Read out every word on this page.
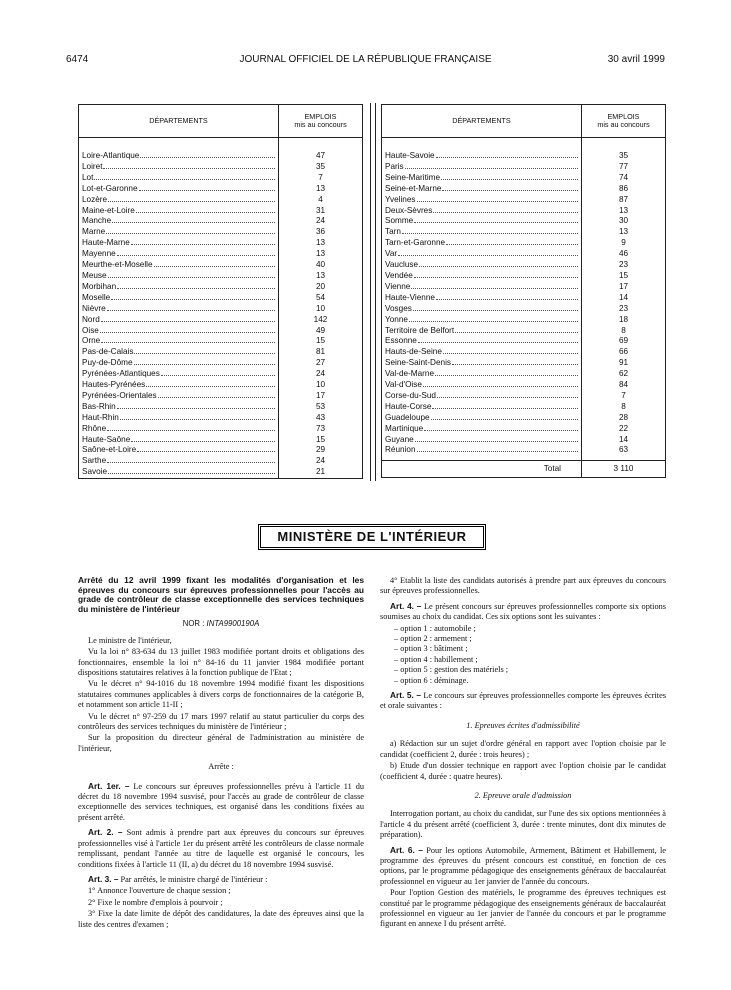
6474	JOURNAL OFFICIEL DE LA RÉPUBLIQUE FRANÇAISE	30 avril 1999
DÉPARTEMENTS	EMPLOIS
mis au concours

Loire-Atlantique	47

Loiret	35

Lot	7

Lot-et-Garonne	13

Lozère	4

Maine-et-Loire	31

Manche	24

Marne	36

Haute-Marne	13

Mayenne	13

Meurthe-et-Moselle	40

Meuse	13

Morbihan	20

Moselle	54

Nièvre	10

Nord	142

Oise	49

Orne	15

Pas-de-Calais	81

Puy-de-Dôme	27

Pyrénées-Atlantiques	24

Hautes-Pyrénées	10

Pyrénées-Orientales	17

Bas-Rhin	53

Haut-Rhin	43

Rhône	73

Haute-Saône	15

Saône-et-Loire	29

Sarthe	24

Savoie	21
DÉPARTEMENTS	EMPLOIS
mis au concours

Haute-Savoie	35

Paris	77

Seine-Maritime	74

Seine-et-Marne	86

Yvelines	87

Deux-Sèvres	13

Somme	30

Tarn	13

Tarn-et-Garonne	9

Var	46

Vaucluse	23

Vendée	15

Vienne	17

Haute-Vienne	14

Vosges	23

Yonne	18

Territoire de Belfort	8

Essonne	69

Hauts-de-Seine	66

Seine-Saint-Denis	91

Val-de-Marne	62

Val-d'Oise	84

Corse-du-Sud	7

Haute-Corse	8

Guadeloupe	28

Martinique	22

Guyane	14

Réunion	63

Total	3 110
MINISTÈRE DE L'INTÉRIEUR

Arrêté du 12 avril 1999 fixant les modalités d'organisation et les épreuves du concours sur épreuves professionnelles pour l'accès au grade de contrôleur de classe exceptionnelle des services techniques du ministère de l'intérieur

NOR : INTA9900190A

Le ministre de l'intérieur,

Vu la loi n° 83-634 du 13 juillet 1983 modifiée portant droits et obligations des fonctionnaires, ensemble la loi n° 84-16 du 11 janvier 1984 modifiée portant dispositions statutaires relatives à la fonction publique de l'Etat ;

Vu le décret n° 94-1016 du 18 novembre 1994 modifié fixant les dispositions statutaires communes applicables à divers corps de fonctionnaires de la catégorie B, et notamment son article 11-II ;

Vu le décret n° 97-259 du 17 mars 1997 relatif au statut particulier du corps des contrôleurs des services techniques du ministère de l'intérieur ;

Sur la proposition du directeur général de l'administration au ministère de l'intérieur,

Arrête :

Art. 1er. – Le concours sur épreuves professionnelles prévu à l'article 11 du décret du 18 novembre 1994 susvisé, pour l'accès au grade de contrôleur de classe exceptionnelle des services techniques, est organisé dans les conditions fixées au présent arrêté.

Art. 2. – Sont admis à prendre part aux épreuves du concours sur épreuves professionnelles visé à l'article 1er du présent arrêté les contrôleurs de classe normale remplissant, pendant l'année au titre de laquelle est organisé le concours, les conditions fixées à l'article 11 (II, a) du décret du 18 novembre 1994 susvisé.

Art. 3. – Par arrêtés, le ministre chargé de l'intérieur :

1° Annonce l'ouverture de chaque session ;

2° Fixe le nombre d'emplois à pourvoir ;

3° Fixe la date limite de dépôt des candidatures, la date des épreuves ainsi que la liste des centres d'examen ;

4° Etablit la liste des candidats autorisés à prendre part aux épreuves du concours sur épreuves professionnelles.

Art. 4. – Le présent concours sur épreuves professionnelles comporte six options soumises au choix du candidat. Ces six options sont les suivantes :

– option 1 : automobile ;

– option 2 : armement ;

– option 3 : bâtiment ;

– option 4 : habillement ;

– option 5 : gestion des matériels ;

– option 6 : déminage.

Art. 5. – Le concours sur épreuves professionnelles comporte les épreuves écrites et orale suivantes :

1. Epreuves écrites d'admissibilité

a) Rédaction sur un sujet d'ordre général en rapport avec l'option choisie par le candidat (coefficient 2, durée : trois heures) ;

b) Etude d'un dossier technique en rapport avec l'option choisie par le candidat (coefficient 4, durée : quatre heures).

2. Epreuve orale d'admission

Interrogation portant, au choix du candidat, sur l'une des six options mentionnées à l'article 4 du présent arrêté (coefficient 3, durée : trente minutes, dont dix minutes de préparation).

Art. 6. – Pour les options Automobile, Armement, Bâtiment et Habillement, le programme des épreuves du présent concours est constitué, en fonction de ces options, par le programme pédagogique des enseignements généraux de baccalauréat professionnel en vigueur au 1er janvier de l'année du concours.

Pour l'option Gestion des matériels, le programme des épreuves techniques est constitué par le programme pédagogique des enseignements généraux de baccalauréat professionnel en vigueur au 1er janvier de l'année du concours et par le programme figurant en annexe I du présent arrêté.
